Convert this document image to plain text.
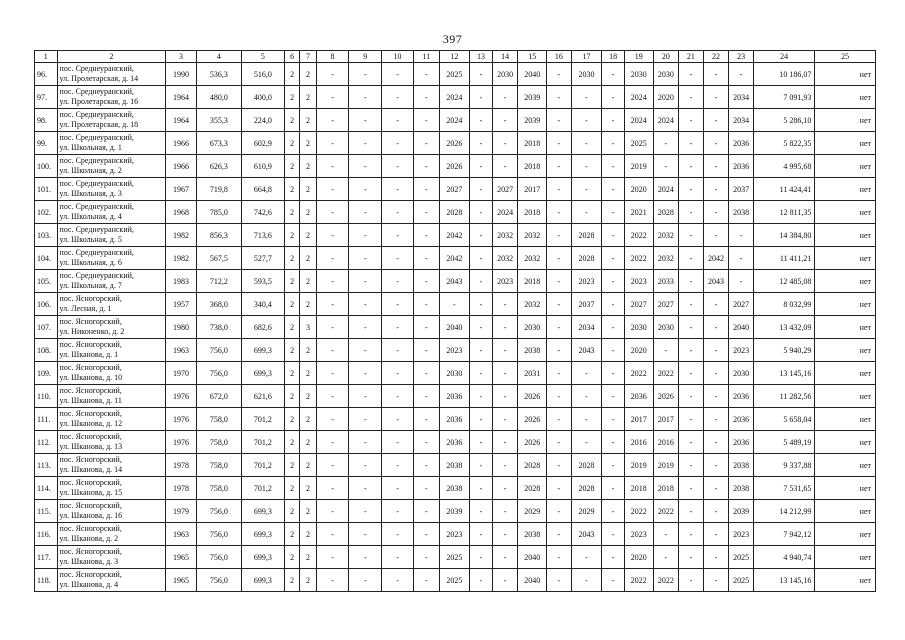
397
1	2	3	4	5	6	7	8	9	10	11	12	13	14	15	16	17	18	19	20	21	22	23	24	25
96.	пос. Среднеуранский,
ул. Пролетарская, д. 14	1990	536,3	516,0	2	2	-	-	-	-	2025	-	2030	2040	-	2030	-	2030	2030	-	-	-	10 186,07	нет
97.	пос. Среднеуранский,
ул. Пролетарская, д. 16	1964	480,0	400,0	2	2	-	-	-	-	2024	-	-	2039	-	-	-	2024	2020	-	-	2034	7 091,93	нет
98.	пос. Среднеуранский,
ул. Пролетарская, д. 18	1964	355,3	224,0	2	2	-	-	-	-	2024	-	-	2039	-	-	-	2024	2024	-	-	2034	5 286,10	нет
99.	пос. Среднеуранский,
ул. Школьная, д. 1	1966	673,3	602,9	2	2	-	-	-	-	2026	-	-	2018	-	-	-	2025	-	-	-	2036	5 822,35	нет
100.	пос. Среднеуранский,
ул. Школьная, д. 2	1966	626,3	610,9	2	2	-	-	-	-	2026	-	-	2018	-	-	-	2019	-	-	-	2036	4 995,68	нет
101.	пос. Среднеуранский,
ул. Школьная, д. 3	1967	719,8	664,8	2	2	-	-	-	-	2027	-	2027	2017	-	-	-	2020	2024	-	-	2037	11 424,41	нет
102.	пос. Среднеуранский,
ул. Школьная, д. 4	1968	785,0	742,6	2	2	-	-	-	-	2028	-	2024	2018	-	-	-	2021	2028	-	-	2038	12 811,35	нет
103.	пос. Среднеуранский,
ул. Школьная, д. 5	1982	856,3	713,6	2	2	-	-	-	-	2042	-	2032	2032	-	2028	-	2022	2032	-	-	-	14 384,80	нет
104.	пос. Среднеуранский,
ул. Школьная, д. 6	1982	567,5	527,7	2	2	-	-	-	-	2042	-	2032	2032	-	2028	-	2022	2032	-	2042	-	11 411,21	нет
105.	пос. Среднеуранский,
ул. Школьная, д. 7	1983	712,2	593,5	2	2	-	-	-	-	2043	-	2023	2018	-	2023	-	2023	2033	-	2043	-	12 485,08	нет
106.	пос. Ясногорский,
ул. Лесная, д. 1	1957	368,0	340,4	2	2	-	-	-	-	-	-	-	2032	-	2037	-	2027	2027	-	-	2027	8 032,99	нет
107.	пос. Ясногорский,
ул. Никоненко, д. 2	1980	738,0	682,6	2	3	-	-	-	-	2040	-	-	2030	-	2034	-	2030	2030	-	-	2040	13 432,09	нет
108.	пос. Ясногорский,
ул. Шканова, д. 1	1963	756,0	699,3	2	2	-	-	-	-	2023	-	-	2038	-	2043	-	2020	-	-	-	2023	5 940,29	нет
109.	пос. Ясногорский,
ул. Шканова, д. 10	1970	756,0	699,3	2	2	-	-	-	-	2030	-	-	2031	-	-	-	2022	2022	-	-	2030	13 145,16	нет
110.	пос. Ясногорский,
ул. Шканова, д. 11	1976	672,0	621,6	2	2	-	-	-	-	2036	-	-	2026	-	-	-	2036	2026	-	-	2036	11 282,56	нет
111.	пос. Ясногорский,
ул. Шканова, д. 12	1976	758,0	701,2	2	2	-	-	-	-	2036	-	-	2026	-	-	-	2017	2017	-	-	2036	5 658,04	нет
112.	пос. Ясногорский,
ул. Шканова, д. 13	1976	758,0	701,2	2	2	-	-	-	-	2036	-	-	2026	-	-	-	2016	2016	-	-	2036	5 489,19	нет
113.	пос. Ясногорский,
ул. Шканова, д. 14	1978	758,0	701,2	2	2	-	-	-	-	2038	-	-	2028	-	2028	-	2019	2019	-	-	2038	9 337,88	нет
114.	пос. Ясногорский,
ул. Шканова, д. 15	1978	758,0	701,2	2	2	-	-	-	-	2038	-	-	2028	-	2028	-	2018	2018	-	-	2038	7 531,65	нет
115.	пос. Ясногорский,
ул. Шканова, д. 16	1979	756,0	699,3	2	2	-	-	-	-	2039	-	-	2029	-	2029	-	2022	2022	-	-	2039	14 212,99	нет
116.	пос. Ясногорский,
ул. Шканова, д. 2	1963	756,0	699,3	2	2	-	-	-	-	2023	-	-	2038	-	2043	-	2023	-	-	-	2023	7 942,12	нет
117.	пос. Ясногорский,
ул. Шканова, д. 3	1965	756,0	699,3	2	2	-	-	-	-	2025	-	-	2040	-	-	-	2020	-	-	-	2025	4 940,74	нет
118.	пос. Ясногорский,
ул. Шканова, д. 4	1965	756,0	699,3	2	2	-	-	-	-	2025	-	-	2040	-	-	-	2022	2022	-	-	2025	13 145,16	нет
